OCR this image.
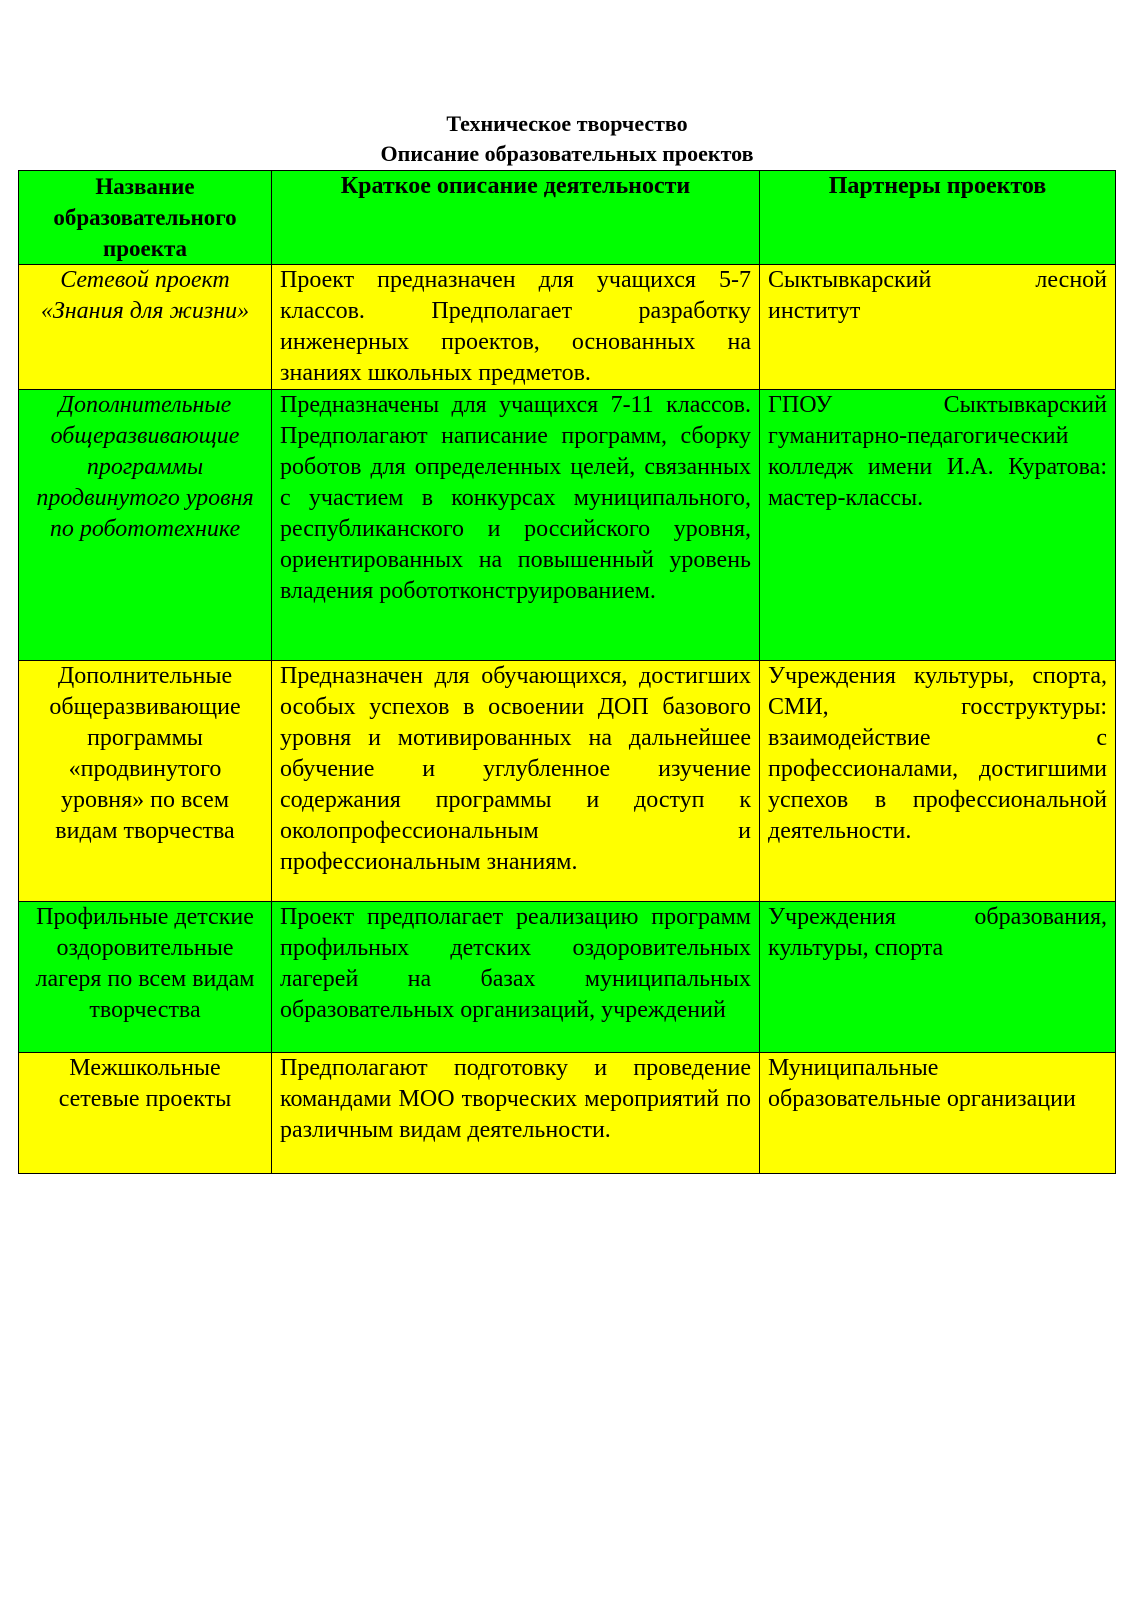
Техническое творчество
Описание образовательных проектов
Название образовательного проекта	Краткое описание деятельности	Партнеры проектов
Сетевой проект «Знания для жизни»	Проект предназначен для учащихся 5-7 классов. Предполагает разработку инженерных проектов, основанных на знаниях школьных предметов.	Сыктывкарский лесной институт
Дополнительные общеразвивающие программы продвинутого уровня по робототехнике	Предназначены для учащихся 7-11 классов. Предполагают написание программ, сборку роботов для определенных целей, связанных с участием в конкурсах муниципального, республиканского и российского уровня, ориентированных на повышенный уровень владения робототконструированием.	ГПОУ Сыктывкарский гуманитарно-педагогический колледж имени И.А. Куратова: мастер-классы.
Дополнительные общеразвивающие программы «продвинутого уровня» по всем видам творчества	Предназначен для обучающихся, достигших особых успехов в освоении ДОП базового уровня и мотивированных на дальнейшее обучение и углубленное изучение содержания программы и доступ к околопрофессиональным и профессиональным знаниям.	Учреждения культуры, спорта, СМИ, госструктуры: взаимодействие с профессионалами, достигшими успехов в профессиональной деятельности.
Профильные детские оздоровительные лагеря по всем видам творчества	Проект предполагает реализацию программ профильных детских оздоровительных лагерей на базах муниципальных образовательных организаций, учреждений	Учреждения образования, культуры, спорта
Межшкольные сетевые проекты	Предполагают подготовку и проведение командами МОО творческих мероприятий по различным видам деятельности.	Муниципальные образовательные организации
